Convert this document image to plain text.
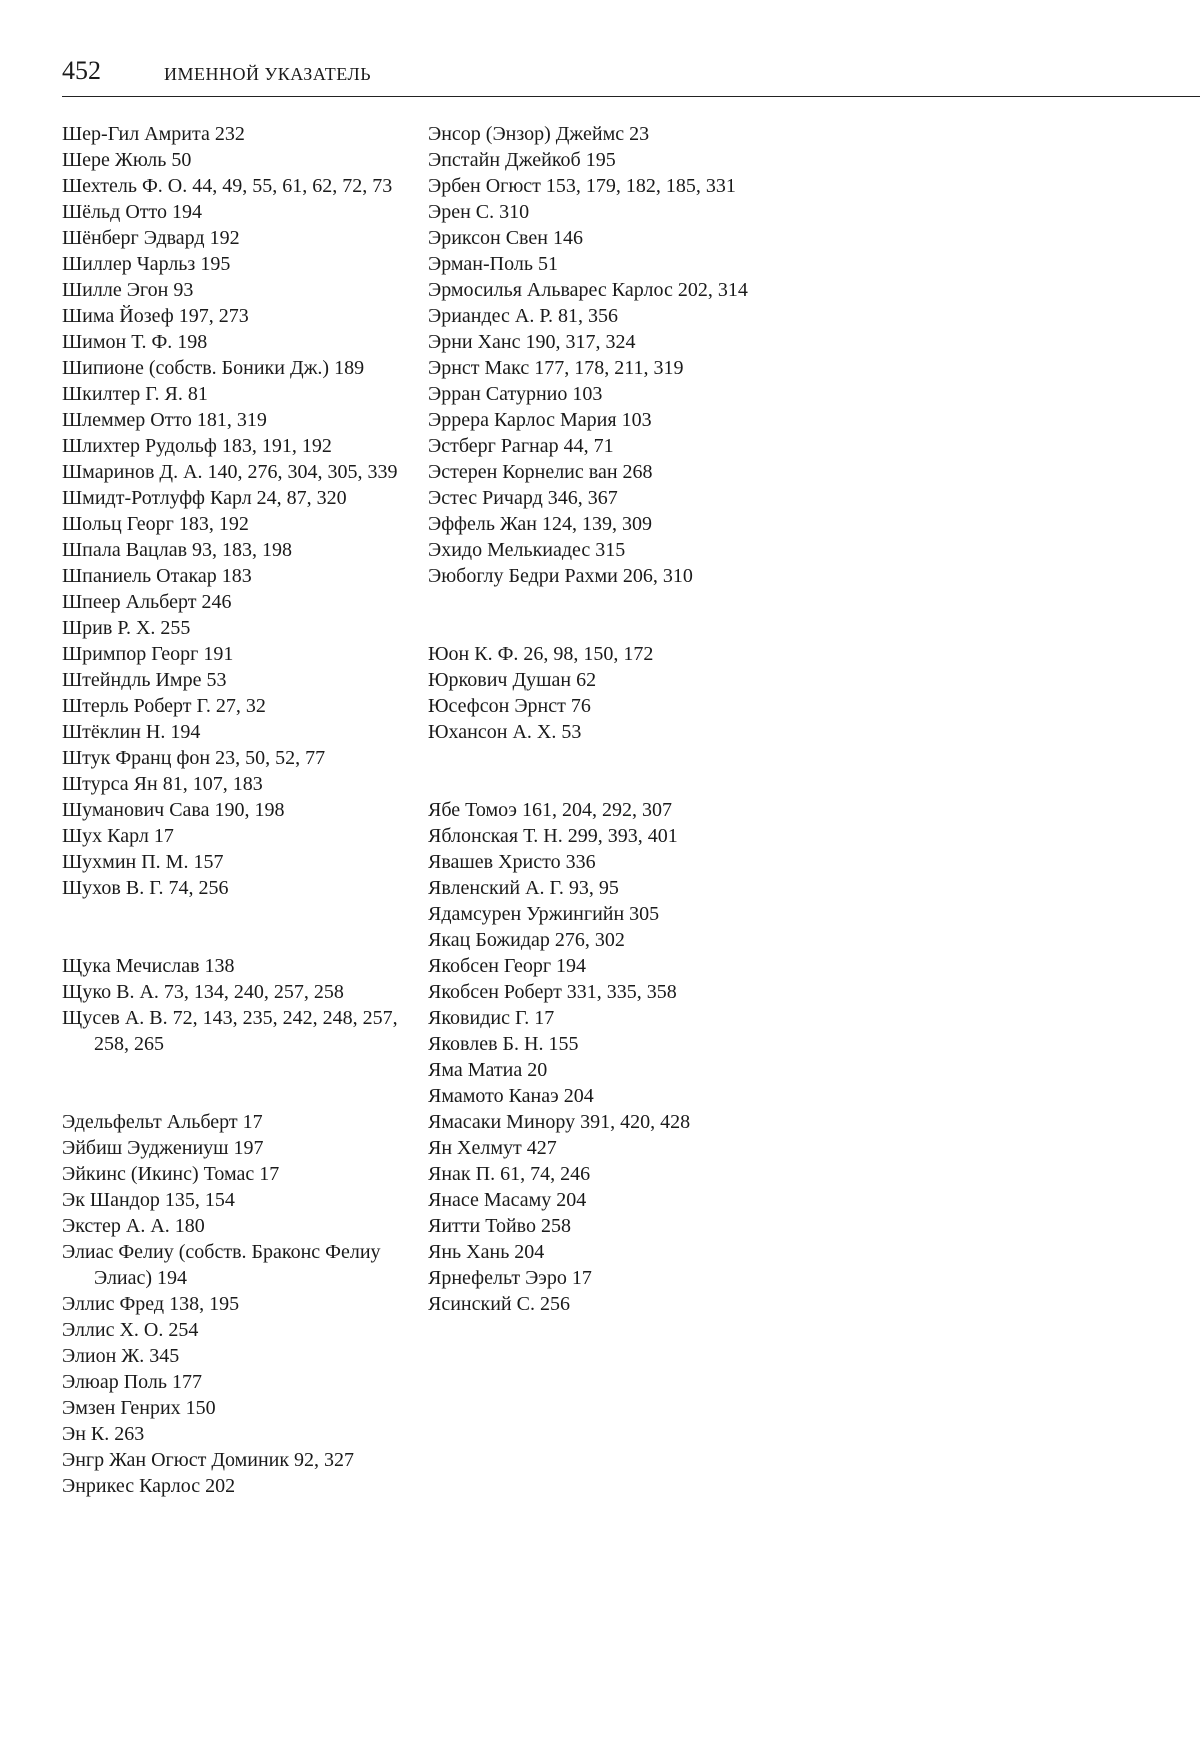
452	ИМЕННОЙ УКАЗАТЕЛЬ
Шер-Гил Амрита 232
Шере Жюль 50
Шехтель Ф. О. 44, 49, 55, 61, 62, 72, 73
Шёльд Отто 194
Шёнберг Эдвард 192
Шиллер Чарльз 195
Шилле Эгон 93
Шима Йозеф 197, 273
Шимон Т. Ф. 198
Шипионе (собств. Боники Дж.) 189
Шкилтер Г. Я. 81
Шлеммер Отто 181, 319
Шлихтер Рудольф 183, 191, 192
Шмаринов Д. А. 140, 276, 304, 305, 339
Шмидт-Ротлуфф Карл 24, 87, 320
Шольц Георг 183, 192
Шпала Вацлав 93, 183, 198
Шпаниель Отакар 183
Шпеер Альберт 246
Шрив Р. Х. 255
Шримпор Георг 191
Штейндль Имре 53
Штерль Роберт Г. 27, 32
Штёклин Н. 194
Штук Франц фон 23, 50, 52, 77
Штурса Ян 81, 107, 183
Шуманович Сава 190, 198
Шух Карл 17
Шухмин П. М. 157
Шухов В. Г. 74, 256
Щука Мечислав 138
Щуко В. А. 73, 134, 240, 257, 258
Щусев А. В. 72, 143, 235, 242, 248, 257, 258, 265
Эдельфельт Альберт 17
Эйбиш Эуджениуш 197
Эйкинс (Икинс) Томас 17
Эк Шандор 135, 154
Экстер А. А. 180
Элиас Фелиу (собств. Браконс Фелиу Элиас) 194
Эллис Фред 138, 195
Эллис Х. О. 254
Элион Ж. 345
Элюар Поль 177
Эмзен Генрих 150
Эн К. 263
Энгр Жан Огюст Доминик 92, 327
Энрикес Карлос 202
Энсор (Энзор) Джеймс 23
Эпстайн Джейкоб 195
Эрбен Огюст 153, 179, 182, 185, 331
Эрен С. 310
Эриксон Свен 146
Эрман-Поль 51
Эрмосилья Альварес Карлос 202, 314
Эриандес А. Р. 81, 356
Эрни Ханс 190, 317, 324
Эрнст Макс 177, 178, 211, 319
Эрран Сатурнио 103
Эррера Карлос Мария 103
Эстберг Рагнар 44, 71
Эстерен Корнелис ван 268
Эстес Ричард 346, 367
Эффель Жан 124, 139, 309
Эхидо Мелькиадес 315
Эюбоглу Бедри Рахми 206, 310
Юон К. Ф. 26, 98, 150, 172
Юркович Душан 62
Юсефсон Эрнст 76
Юхансон А. Х. 53
Ябе Томоэ 161, 204, 292, 307
Яблонская Т. Н. 299, 393, 401
Явашев Христо 336
Явленский А. Г. 93, 95
Ядамсурен Уржингийн 305
Якац Божидар 276, 302
Якобсен Георг 194
Якобсен Роберт 331, 335, 358
Яковидис Г. 17
Яковлев Б. Н. 155
Яма Матиа 20
Ямамото Канаэ 204
Ямасаки Минору 391, 420, 428
Ян Хелмут 427
Янак П. 61, 74, 246
Янасе Масаму 204
Яитти Тойво 258
Янь Хань 204
Ярнефельт Ээро 17
Ясинский С. 256
